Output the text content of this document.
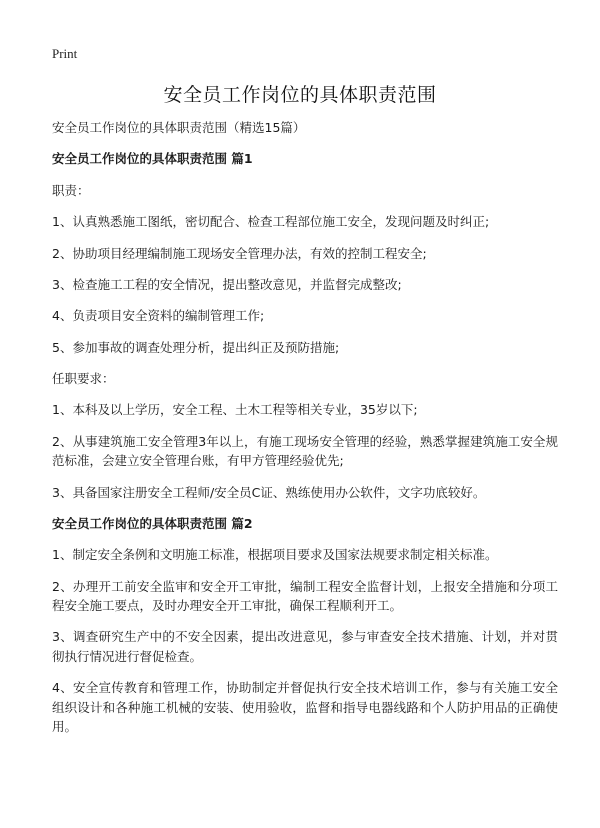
Print
安全员工作岗位的具体职责范围

安全员工作岗位的具体职责范围（精选15篇）

安全员工作岗位的具体职责范围 篇1

职责：

1、认真熟悉施工图纸，密切配合、检查工程部位施工安全，发现问题及时纠正;

2、协助项目经理编制施工现场安全管理办法，有效的控制工程安全;

3、检查施工工程的安全情况，提出整改意见，并监督完成整改;

4、负责项目安全资料的编制管理工作;

5、参加事故的调查处理分析，提出纠正及预防措施;

任职要求：

1、本科及以上学历，安全工程、土木工程等相关专业，35岁以下;

2、从事建筑施工安全管理3年以上，有施工现场安全管理的经验，熟悉掌握建筑施工安全规范标准，会建立安全管理台账，有甲方管理经验优先;

3、具备国家注册安全工程师/安全员C证、熟练使用办公软件，文字功底较好。

安全员工作岗位的具体职责范围 篇2

1、制定安全条例和文明施工标准，根据项目要求及国家法规要求制定相关标准。

2、办理开工前安全监审和安全开工审批，编制工程安全监督计划，上报安全措施和分项工程安全施工要点，及时办理安全开工审批，确保工程顺利开工。

3、调查研究生产中的不安全因素，提出改进意见，参与审查安全技术措施、计划，并对贯彻执行情况进行督促检查。

4、安全宣传教育和管理工作，协助制定并督促执行安全技术培训工作，参与有关施工安全组织设计和各种施工机械的安装、使用验收，监督和指导电器线路和个人防护用品的正确使用。
